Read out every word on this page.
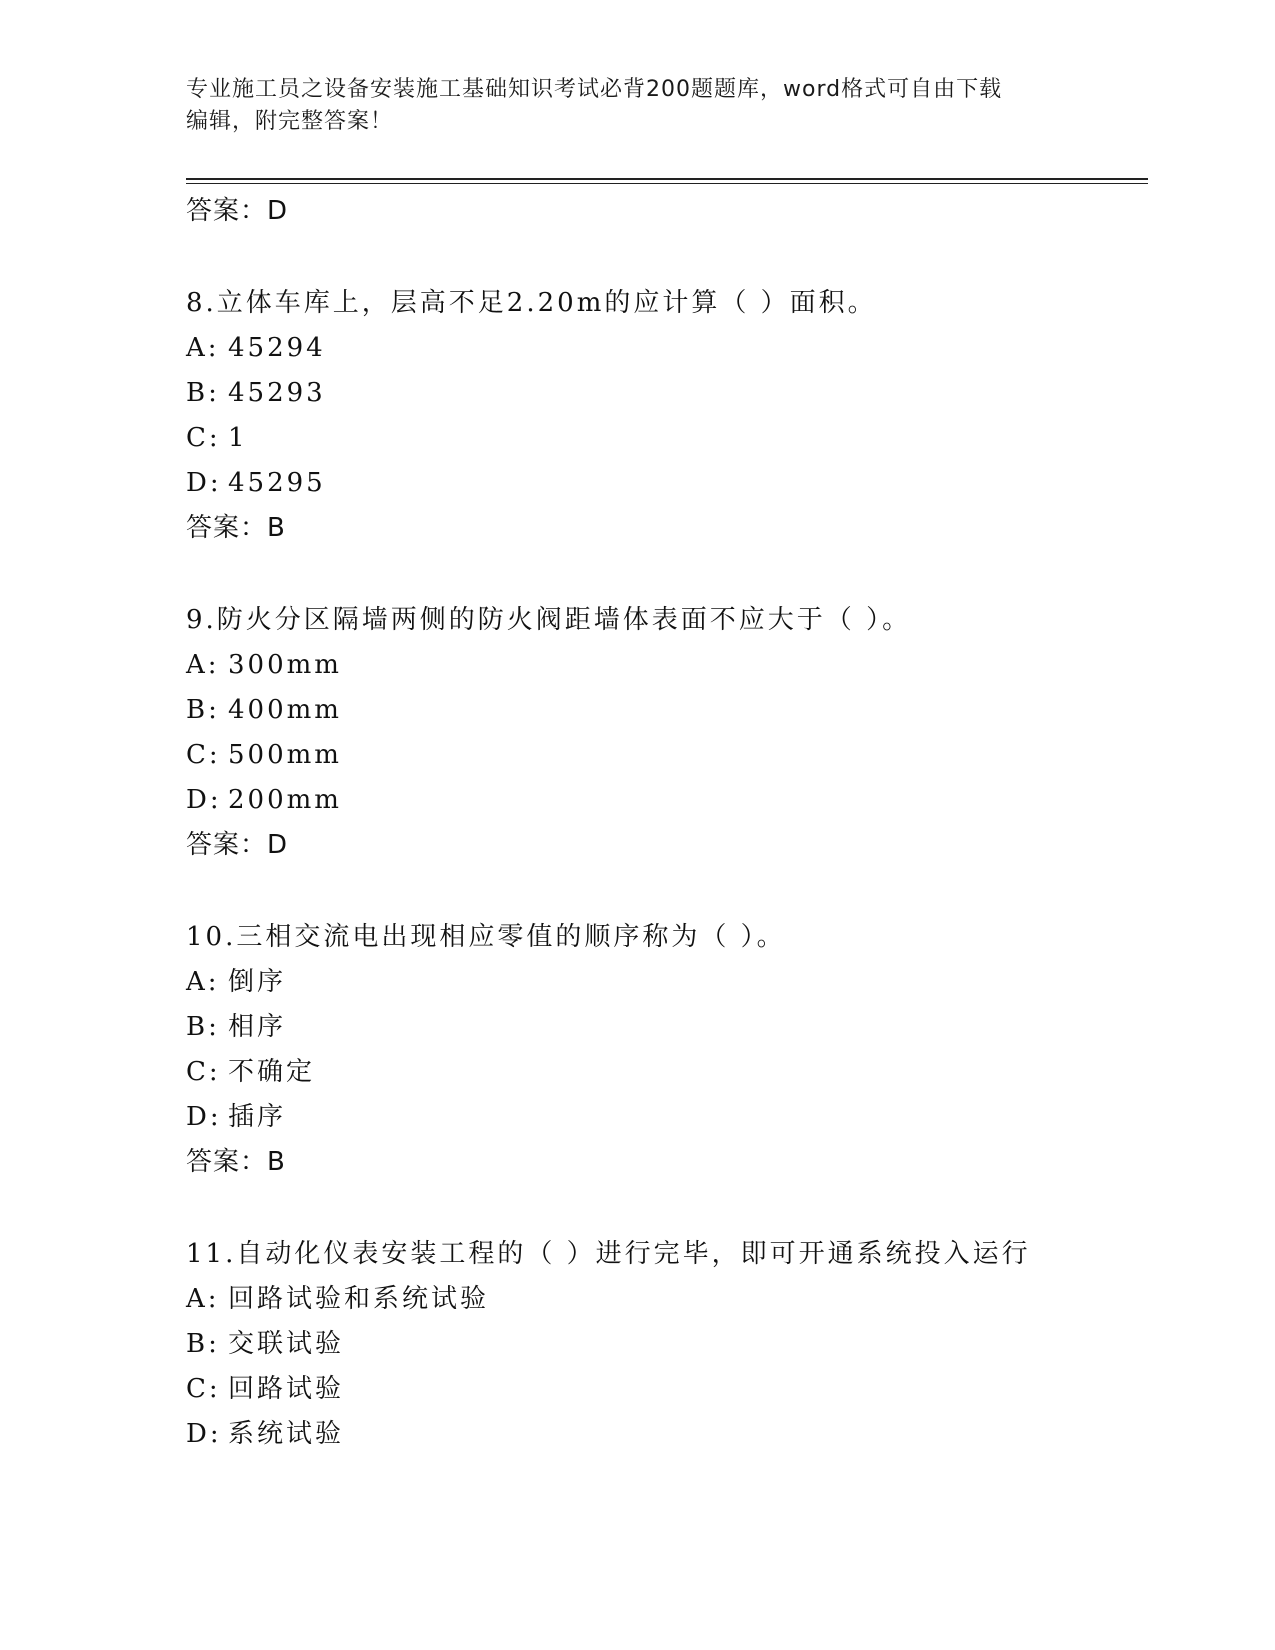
专业施工员之设备安装施工基础知识考试必背200题题库，word格式可自由下载
编辑，附完整答案！
答案：D
8.立体车库上，层高不足2.20m的应计算（ ）面积。
A: 45294
B: 45293
C: 1
D: 45295
答案：B
9.防火分区隔墙两侧的防火阀距墙体表面不应大于（ ）。
A: 300mm
B: 400mm
C: 500mm
D: 200mm
答案：D
10.三相交流电出现相应零值的顺序称为（ ）。
A: 倒序
B: 相序
C: 不确定
D: 插序
答案：B
11.自动化仪表安装工程的（ ）进行完毕，即可开通系统投入运行
A: 回路试验和系统试验
B: 交联试验
C: 回路试验
D: 系统试验
